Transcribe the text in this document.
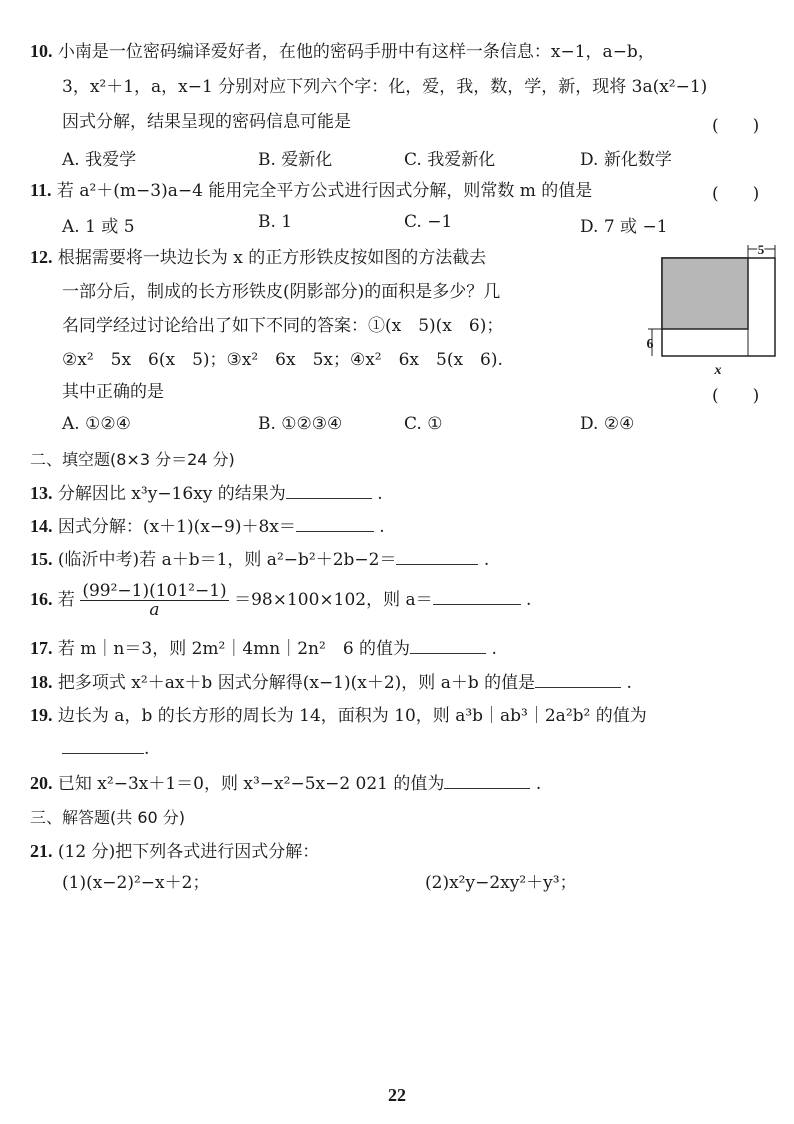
10. 小南是一位密码编译爱好者，在他的密码手册中有这样一条信息：x−1，a−b，
3，x²＋1，a，x−1 分别对应下列六个字：化，爱，我，数，学，新，现将 3a(x²−1)
因式分解，结果呈现的密码信息可能是	(　　)
A. 我爱学	B. 爱新化	C. 我爱新化	D. 新化数学
11. 若 a²＋(m−3)a−4 能用完全平方公式进行因式分解，则常数 m 的值是	(　　)
A. 1 或 5	B. 1	C. −1	D. 7 或 −1
12. 根据需要将一块边长为 x 的正方形铁皮按如图的方法截去
一部分后，制成的长方形铁皮(阴影部分)的面积是多少？几
名同学经过讨论给出了如下不同的答案：①(x　5)(x　6)；
②x²　5x　6(x　5)；③x²　6x　5x；④x²　6x　5(x　6).
其中正确的是	(　　)
5
6
x
A. ①②④	B. ①②③④	C. ①	D. ②④
二、填空题(8×3 分＝24 分)
13. 分解因比 x³y−16xy 的结果为	.
14. 因式分解：(x＋1)(x−9)＋8x＝	.
15. (临沂中考)若 a＋b＝1，则 a²−b²＋2b−2＝	.
16. 若 $\frac{\text{(99²−1)(101²−1)}}{a} =98\times 100\times 102$，则 a＝	.
17. 若 m｜n＝3，则 2m²｜4mn｜2n²　6 的值为	.
18. 把多项式 x²＋ax＋b 因式分解得(x−1)(x＋2)，则 a＋b 的值是	.
19. 边长为 a，b 的长方形的周长为 14，面积为 10，则 a³b｜ab³｜2a²b² 的值为
.
20. 已知 x²−3x＋1＝0，则 x³−x²−5x−2 021 的值为	.
三、解答题(共 60 分)
21. (12 分)把下列各式进行因式分解：
(1)(x−2)²−x＋2；	(2)x²y−2xy²＋y³；
22
